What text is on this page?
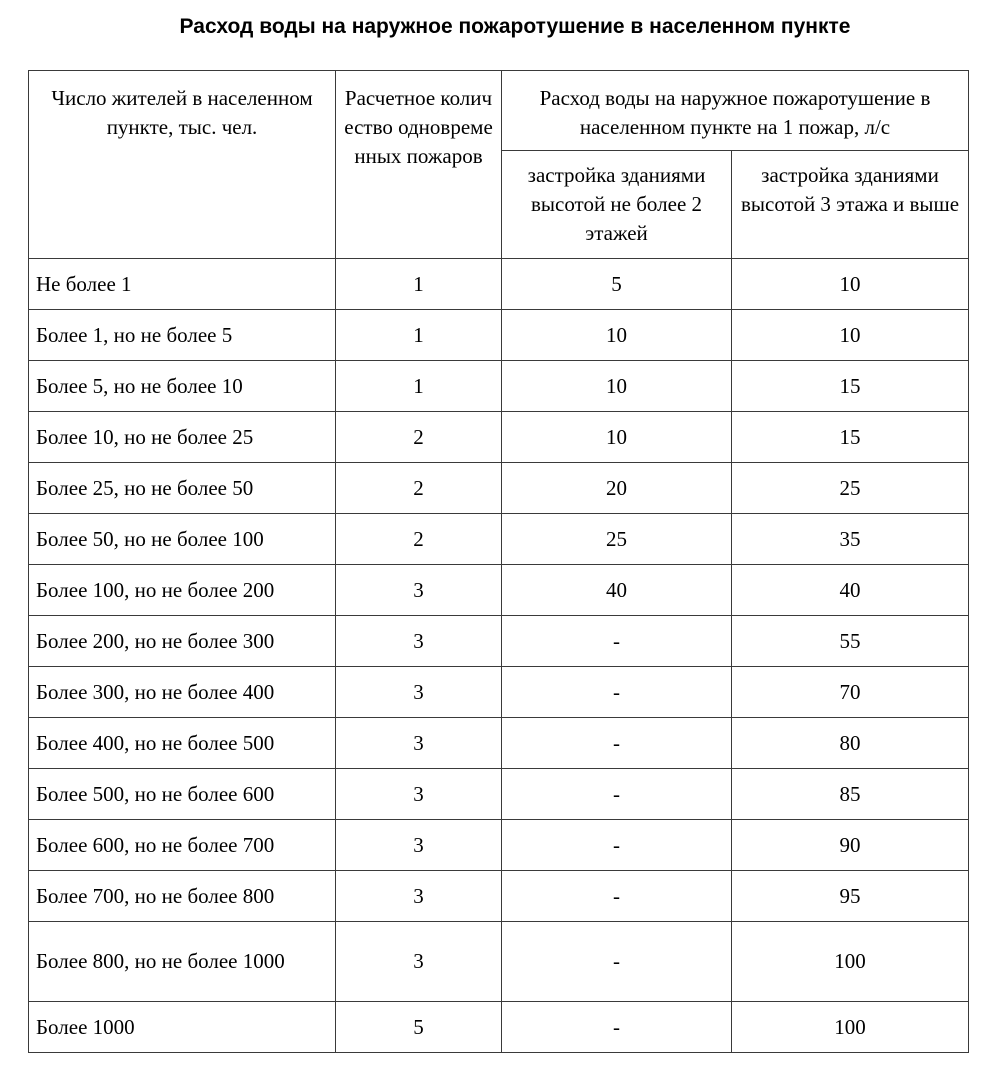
Расход воды на наружное пожаротушение в населенном пункте
Число жителей в населенном пункте, тыс. чел.	Расчетное количество одновременных пожаров	Расход воды на наружное пожаротушение в населенном пункте на 1 пожар, л/с	
		застройка зданиями высотой не более 2 этажей	застройка зданиями высотой 3 этажа и выше
Не более 1	1	5	10
Более 1, но не более 5	1	10	10
Более 5, но не более 10	1	10	15
Более 10, но не более 25	2	10	15
Более 25, но не более 50	2	20	25
Более 50, но не более 100	2	25	35
Более 100, но не более 200	3	40	40
Более 200, но не более 300	3	-	55
Более 300, но не более 400	3	-	70
Более 400, но не более 500	3	-	80
Более 500, но не более 600	3	-	85
Более 600, но не более 700	3	-	90
Более 700, но не более 800	3	-	95
Более 800, но не более 1000	3	-	100
Более 1000	5	-	100
